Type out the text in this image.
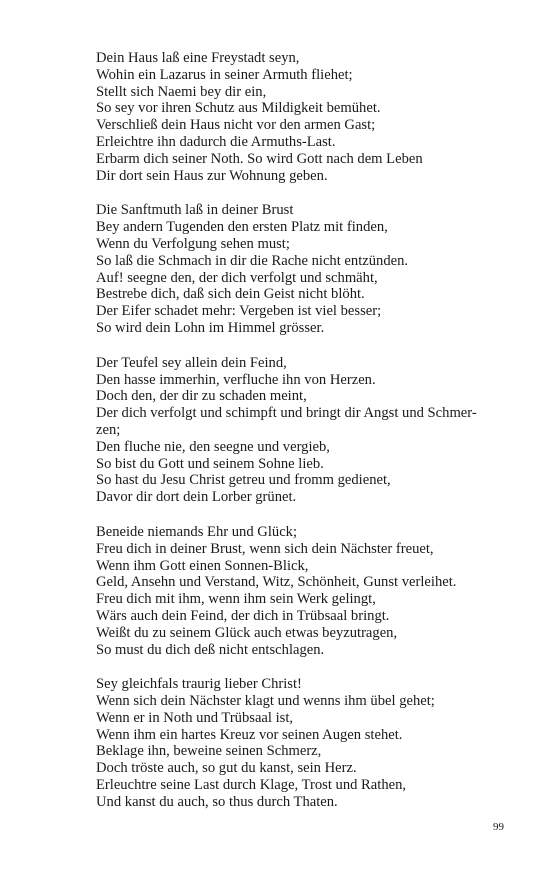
Dein Haus laß eine Freystadt seyn,
Wohin ein Lazarus in seiner Armuth fliehet;
Stellt sich Naemi bey dir ein,
So sey vor ihren Schutz aus Mildigkeit bemühet.
Verschließ dein Haus nicht vor den armen Gast;
Erleichtre ihn dadurch die Armuths-Last.
Erbarm dich seiner Noth. So wird Gott nach dem Leben
Dir dort sein Haus zur Wohnung geben.
Die Sanftmuth laß in deiner Brust
Bey andern Tugenden den ersten Platz mit finden,
Wenn du Verfolgung sehen must;
So laß die Schmach in dir die Rache nicht entzünden.
Auf! seegne den, der dich verfolgt und schmäht,
Bestrebe dich, daß sich dein Geist nicht blöht.
Der Eifer schadet mehr: Vergeben ist viel besser;
So wird dein Lohn im Himmel grösser.
Der Teufel sey allein dein Feind,
Den hasse immerhin, verfluche ihn von Herzen.
Doch den, der dir zu schaden meint,
Der dich verfolgt und schimpft und bringt dir Angst und Schmer-
zen;
Den fluche nie, den seegne und vergieb,
So bist du Gott und seinem Sohne lieb.
So hast du Jesu Christ getreu und fromm gedienet,
Davor dir dort dein Lorber grünet.
Beneide niemands Ehr und Glück;
Freu dich in deiner Brust, wenn sich dein Nächster freuet,
Wenn ihm Gott einen Sonnen-Blick,
Geld, Ansehn und Verstand, Witz, Schönheit, Gunst verleihet.
Freu dich mit ihm, wenn ihm sein Werk gelingt,
Wärs auch dein Feind, der dich in Trübsaal bringt.
Weißt du zu seinem Glück auch etwas beyzutragen,
So must du dich deß nicht entschlagen.
Sey gleichfals traurig lieber Christ!
Wenn sich dein Nächster klagt und wenns ihm übel gehet;
Wenn er in Noth und Trübsaal ist,
Wenn ihm ein hartes Kreuz vor seinen Augen stehet.
Beklage ihn, beweine seinen Schmerz,
Doch tröste auch, so gut du kanst, sein Herz.
Erleuchtre seine Last durch Klage, Trost und Rathen,
Und kanst du auch, so thus durch Thaten.
99
